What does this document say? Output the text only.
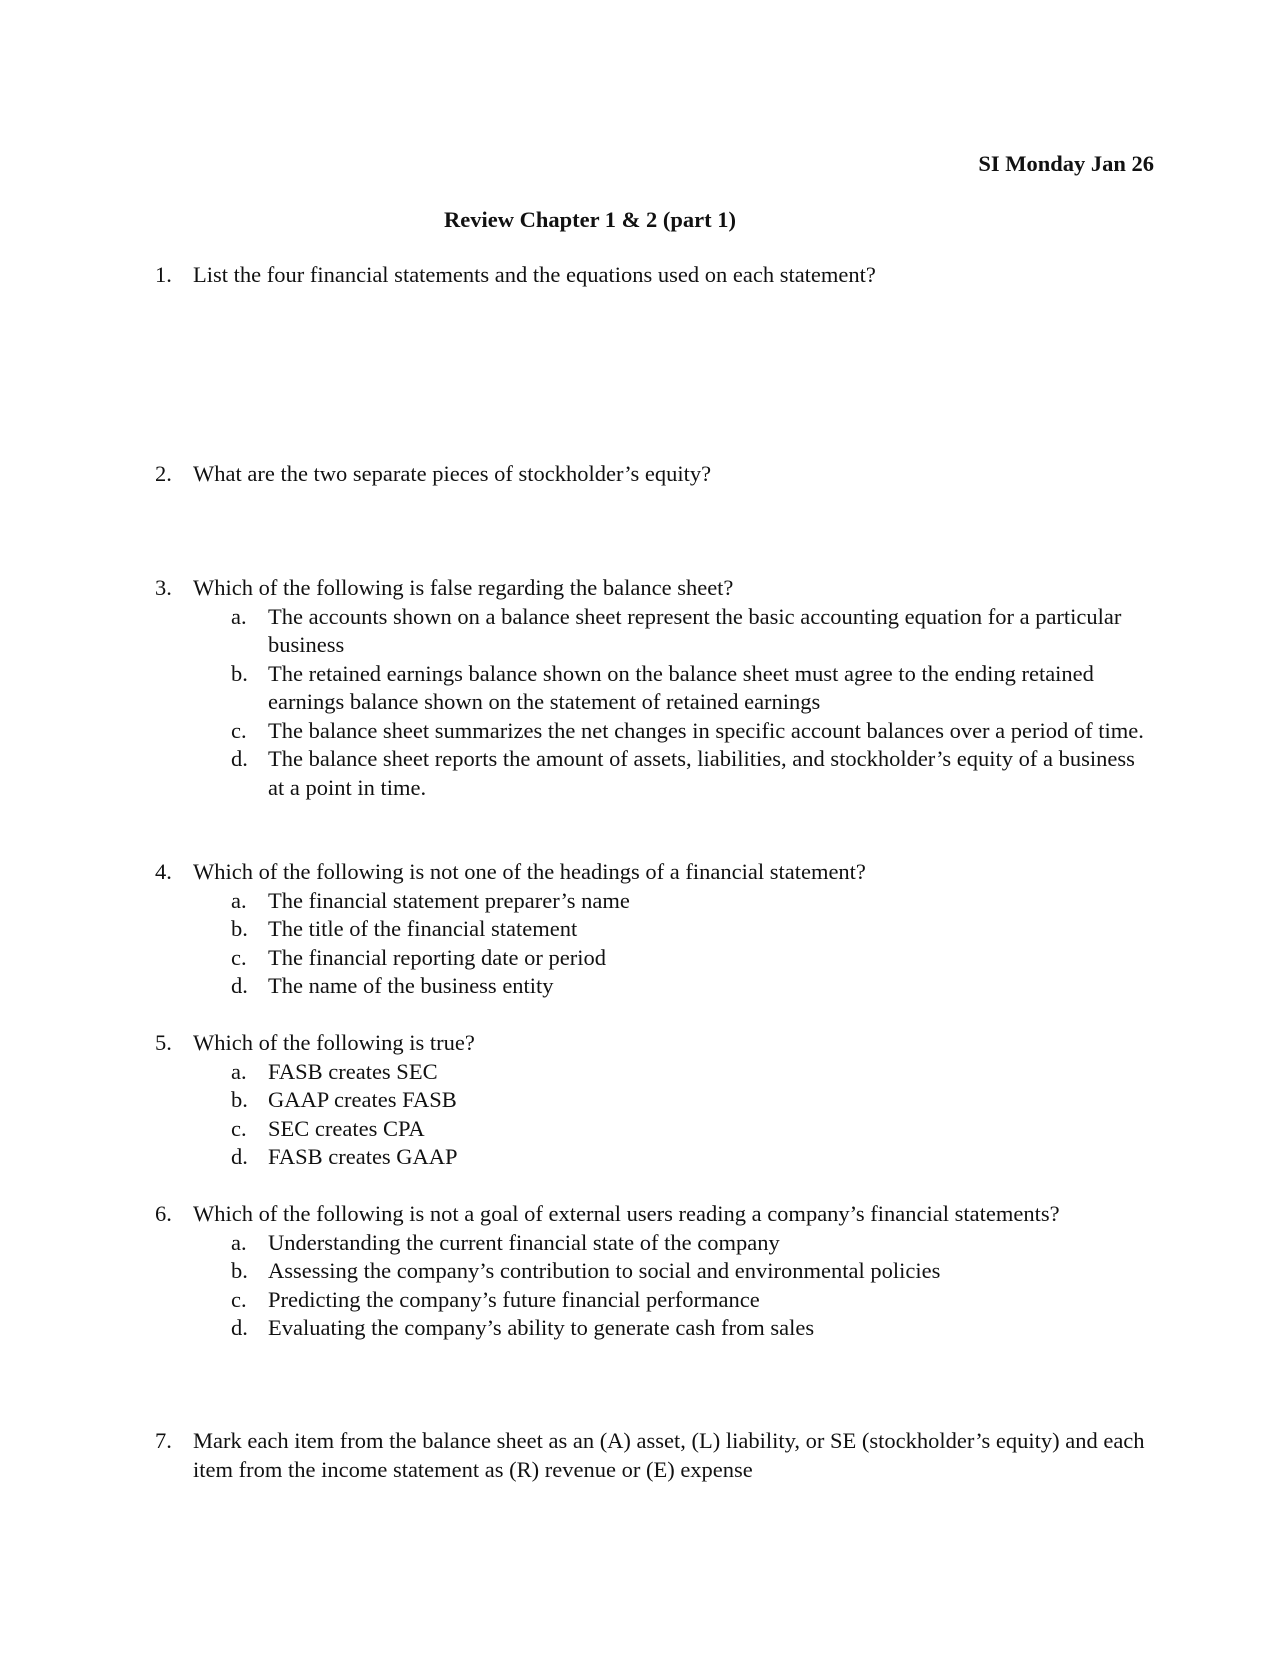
SI Monday Jan 26
Review Chapter 1 & 2 (part 1)
1. List the four financial statements and the equations used on each statement?
2. What are the two separate pieces of stockholder’s equity?
3. Which of the following is false regarding the balance sheet?
a. The accounts shown on a balance sheet represent the basic accounting equation for a particular business
b. The retained earnings balance shown on the balance sheet must agree to the ending retained earnings balance shown on the statement of retained earnings
c. The balance sheet summarizes the net changes in specific account balances over a period of time.
d. The balance sheet reports the amount of assets, liabilities, and stockholder’s equity of a business at a point in time.
4. Which of the following is not one of the headings of a financial statement?
a. The financial statement preparer’s name
b. The title of the financial statement
c. The financial reporting date or period
d. The name of the business entity
5. Which of the following is true?
a. FASB creates SEC
b. GAAP creates FASB
c. SEC creates CPA
d. FASB creates GAAP
6. Which of the following is not a goal of external users reading a company’s financial statements?
a. Understanding the current financial state of the company
b. Assessing the company’s contribution to social and environmental policies
c. Predicting the company’s future financial performance
d. Evaluating the company’s ability to generate cash from sales
7. Mark each item from the balance sheet as an (A) asset, (L) liability, or SE (stockholder’s equity) and each item from the income statement as (R) revenue or (E) expense
